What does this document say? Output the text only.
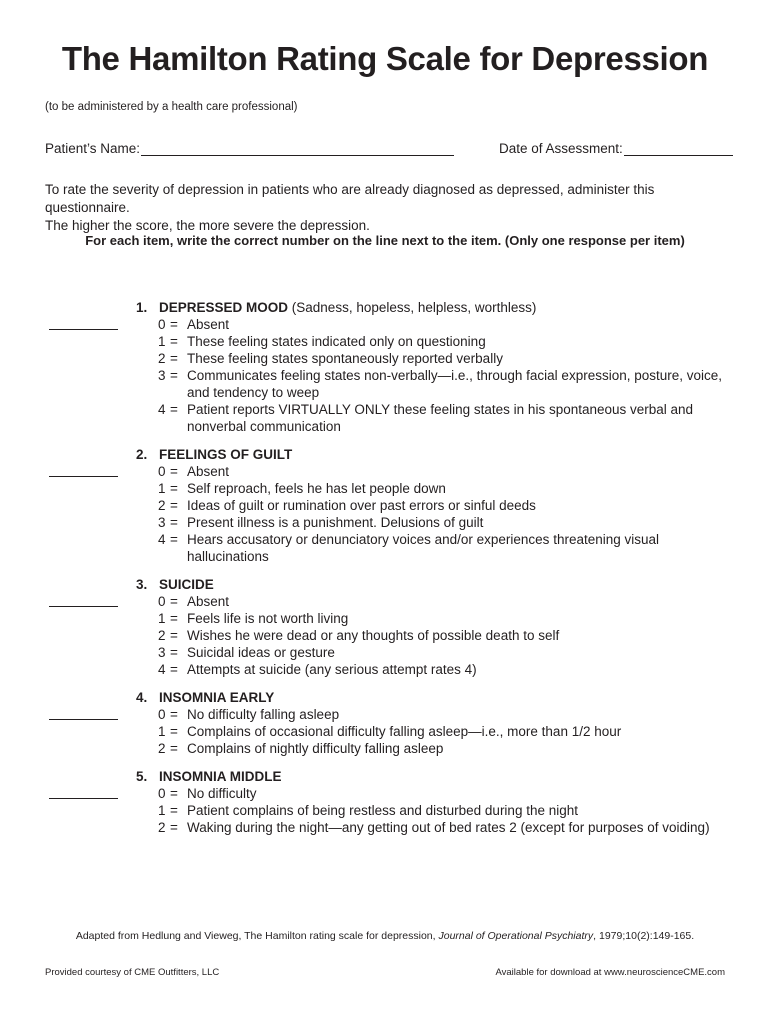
The Hamilton Rating Scale for Depression
(to be administered by a health care professional)
Patient’s Name:	Date of Assessment:
To rate the severity of depression in patients who are already diagnosed as depressed, administer this questionnaire.
The higher the score, the more severe the depression.
For each item, write the correct number on the line next to the item. (Only one response per item)
1. DEPRESSED MOOD (Sadness, hopeless, helpless, worthless)
0 = Absent
1 = These feeling states indicated only on questioning
2 = These feeling states spontaneously reported verbally
3 = Communicates feeling states non-verbally—i.e., through facial expression, posture, voice, and tendency to weep
4 = Patient reports VIRTUALLY ONLY these feeling states in his spontaneous verbal and nonverbal communication
2. FEELINGS OF GUILT
0 = Absent
1 = Self reproach, feels he has let people down
2 = Ideas of guilt or rumination over past errors or sinful deeds
3 = Present illness is a punishment. Delusions of guilt
4 = Hears accusatory or denunciatory voices and/or experiences threatening visual hallucinations
3. SUICIDE
0 = Absent
1 = Feels life is not worth living
2 = Wishes he were dead or any thoughts of possible death to self
3 = Suicidal ideas or gesture
4 = Attempts at suicide (any serious attempt rates 4)
4. INSOMNIA EARLY
0 = No difficulty falling asleep
1 = Complains of occasional difficulty falling asleep—i.e., more than 1/2 hour
2 = Complains of nightly difficulty falling asleep
5. INSOMNIA MIDDLE
0 = No difficulty
1 = Patient complains of being restless and disturbed during the night
2 = Waking during the night—any getting out of bed rates 2 (except for purposes of voiding)
Adapted from Hedlung and Vieweg, The Hamilton rating scale for depression, Journal of Operational Psychiatry, 1979;10(2):149-165.
Provided courtesy of CME Outfitters, LLC	Available for download at www.neuroscienceCME.com
